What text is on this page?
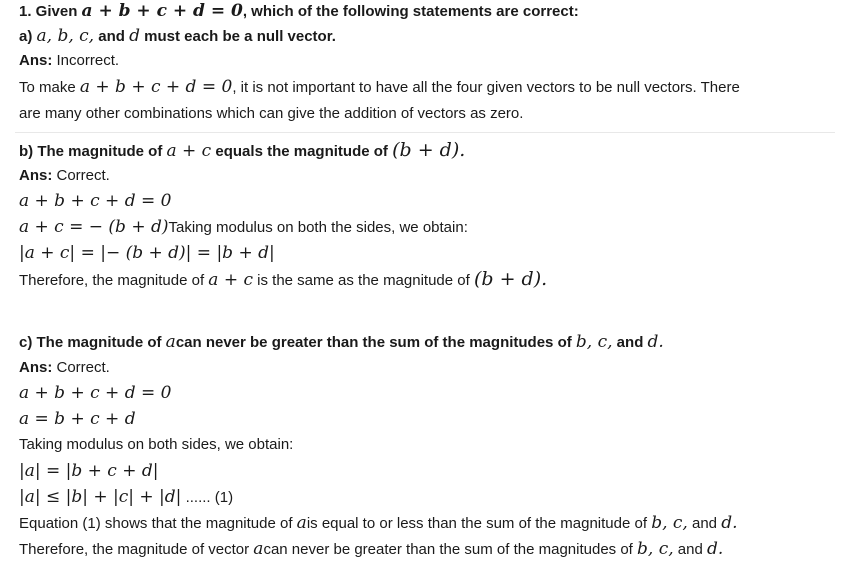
1. Given a + b + c + d = 0, which of the following statements are correct:
a) a, b, c, and d must each be a null vector.
Ans: Incorrect.
To make a + b + c + d = 0, it is not important to have all the four given vectors to be null vectors. There
are many other combinations which can give the addition of vectors as zero.
b) The magnitude of a + c equals the magnitude of (b + d).
Ans: Correct.
a + b + c + d = 0
a + c = − (b + d)Taking modulus on both the sides, we obtain:
|a + c| = |− (b + d)| = |b + d|
Therefore, the magnitude of a + c is the same as the magnitude of (b + d).
c) The magnitude of acan never be greater than the sum of the magnitudes of b, c, and d.
Ans: Correct.
a + b + c + d = 0
a = b + c + d
Taking modulus on both sides, we obtain:
|a| = |b + c + d|
|a| ≤ |b| + |c| + |d| ...... (1)
Equation (1) shows that the magnitude of ais equal to or less than the sum of the magnitude of b, c, and d.
Therefore, the magnitude of vector acan never be greater than the sum of the magnitudes of b, c, and d.
